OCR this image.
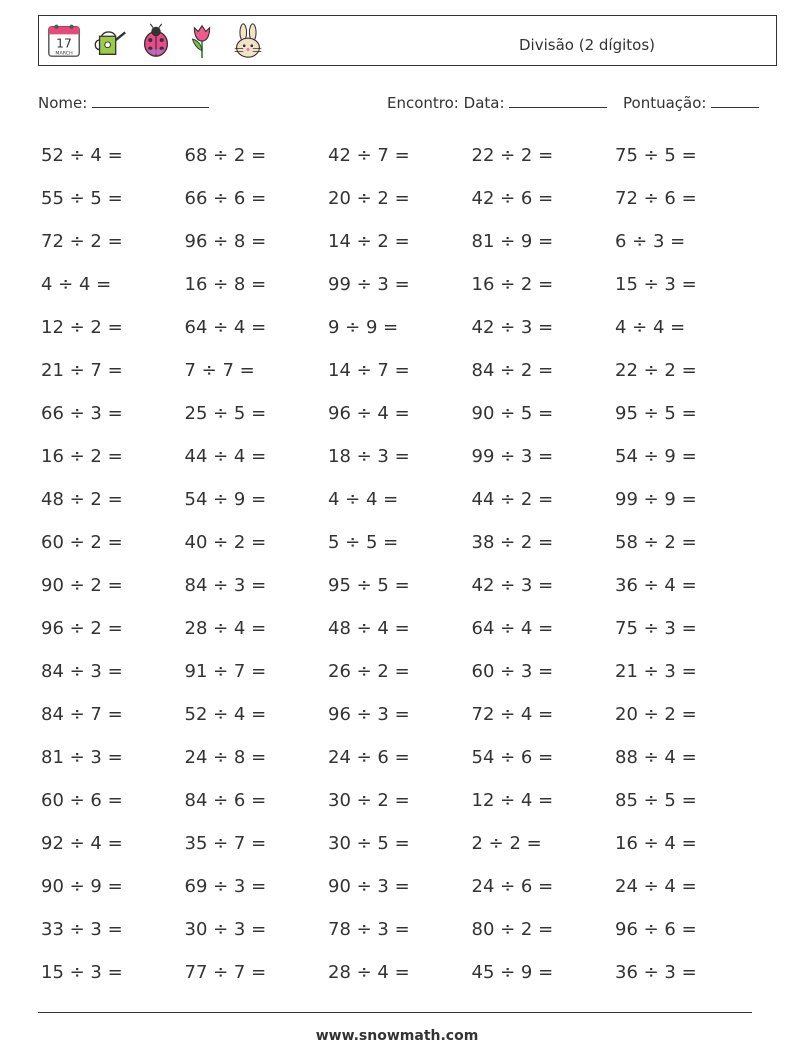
17
MARCH	Divisão (2 dígitos)
Nome:	Encontro: Data:	Pontuação:
52 ÷ 4 =	68 ÷ 2 =	42 ÷ 7 =	22 ÷ 2 =	75 ÷ 5 =
55 ÷ 5 =	66 ÷ 6 =	20 ÷ 2 =	42 ÷ 6 =	72 ÷ 6 =
72 ÷ 2 =	96 ÷ 8 =	14 ÷ 2 =	81 ÷ 9 =	6 ÷ 3 =
4 ÷ 4 =	16 ÷ 8 =	99 ÷ 3 =	16 ÷ 2 =	15 ÷ 3 =
12 ÷ 2 =	64 ÷ 4 =	9 ÷ 9 =	42 ÷ 3 =	4 ÷ 4 =
21 ÷ 7 =	7 ÷ 7 =	14 ÷ 7 =	84 ÷ 2 =	22 ÷ 2 =
66 ÷ 3 =	25 ÷ 5 =	96 ÷ 4 =	90 ÷ 5 =	95 ÷ 5 =
16 ÷ 2 =	44 ÷ 4 =	18 ÷ 3 =	99 ÷ 3 =	54 ÷ 9 =
48 ÷ 2 =	54 ÷ 9 =	4 ÷ 4 =	44 ÷ 2 =	99 ÷ 9 =
60 ÷ 2 =	40 ÷ 2 =	5 ÷ 5 =	38 ÷ 2 =	58 ÷ 2 =
90 ÷ 2 =	84 ÷ 3 =	95 ÷ 5 =	42 ÷ 3 =	36 ÷ 4 =
96 ÷ 2 =	28 ÷ 4 =	48 ÷ 4 =	64 ÷ 4 =	75 ÷ 3 =
84 ÷ 3 =	91 ÷ 7 =	26 ÷ 2 =	60 ÷ 3 =	21 ÷ 3 =
84 ÷ 7 =	52 ÷ 4 =	96 ÷ 3 =	72 ÷ 4 =	20 ÷ 2 =
81 ÷ 3 =	24 ÷ 8 =	24 ÷ 6 =	54 ÷ 6 =	88 ÷ 4 =
60 ÷ 6 =	84 ÷ 6 =	30 ÷ 2 =	12 ÷ 4 =	85 ÷ 5 =
92 ÷ 4 =	35 ÷ 7 =	30 ÷ 5 =	2 ÷ 2 =	16 ÷ 4 =
90 ÷ 9 =	69 ÷ 3 =	90 ÷ 3 =	24 ÷ 6 =	24 ÷ 4 =
33 ÷ 3 =	30 ÷ 3 =	78 ÷ 3 =	80 ÷ 2 =	96 ÷ 6 =
15 ÷ 3 =	77 ÷ 7 =	28 ÷ 4 =	45 ÷ 9 =	36 ÷ 3 =
www.snowmath.com
